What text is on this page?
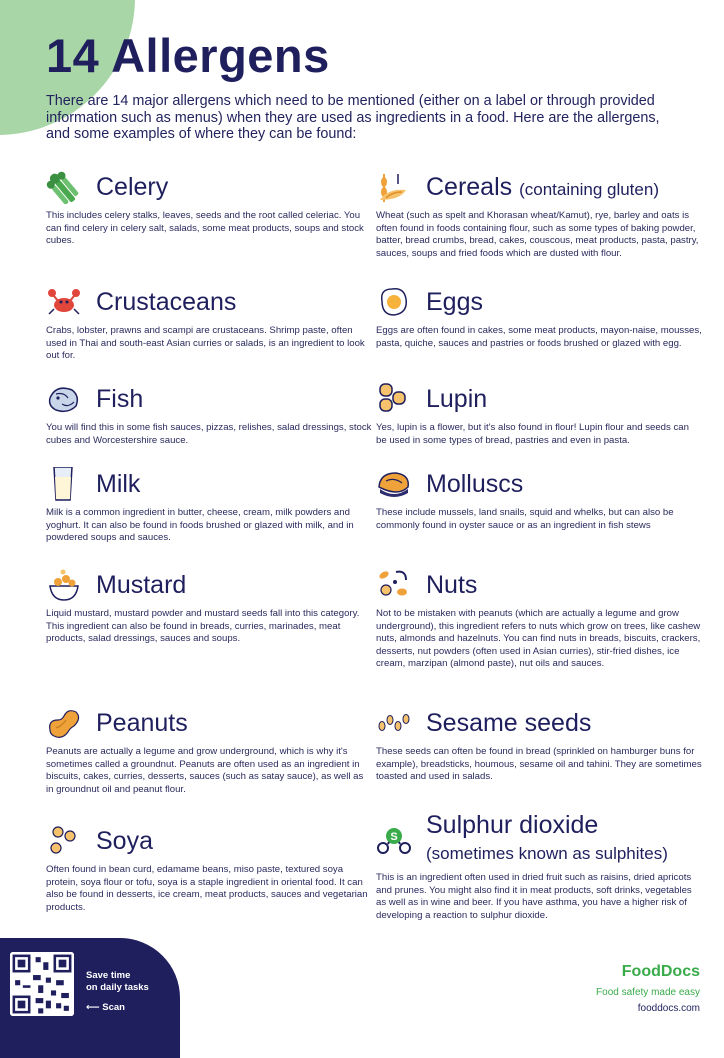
14 Allergens

There are 14 major allergens which need to be mentioned (either on a label or through provided information such as menus) when they are used as ingredients in a food. Here are the allergens, and some examples of where they can be found:

Celery

This includes celery stalks, leaves, seeds and the root called celeriac. You can find celery in celery salt, salads, some meat products, soups and stock cubes.

Cereals (containing gluten)

Wheat (such as spelt and Khorasan wheat/Kamut), rye, barley and oats is often found in foods containing flour, such as some types of baking powder, batter, bread crumbs, bread, cakes, couscous, meat products, pasta, pastry, sauces, soups and fried foods which are dusted with flour.

Crustaceans

Crabs, lobster, prawns and scampi are crustaceans. Shrimp paste, often used in Thai and south-east Asian curries or salads, is an ingredient to look out for.

Eggs

Eggs are often found in cakes, some meat products, mayon-naise, mousses, pasta, quiche, sauces and pastries or foods brushed or glazed with egg.

Fish

You will find this in some fish sauces, pizzas, relishes, salad dressings, stock cubes and Worcestershire sauce.

Lupin

Yes, lupin is a flower, but it's also found in flour! Lupin flour and seeds can be used in some types of bread, pastries and even in pasta.

Milk

Milk is a common ingredient in butter, cheese, cream, milk powders and yoghurt. It can also be found in foods brushed or glazed with milk, and in powdered soups and sauces.

Molluscs

These include mussels, land snails, squid and whelks, but can also be commonly found in oyster sauce or as an ingredient in fish stews

Mustard

Liquid mustard, mustard powder and mustard seeds fall into this category. This ingredient can also be found in breads, curries, marinades, meat products, salad dressings, sauces and soups.

Nuts

Not to be mistaken with peanuts (which are actually a legume and grow underground), this ingredient refers to nuts which grow on trees, like cashew nuts, almonds and hazelnuts. You can find nuts in breads, biscuits, crackers, desserts, nut powders (often used in Asian curries), stir-fried dishes, ice cream, marzipan (almond paste), nut oils and sauces.

Peanuts

Peanuts are actually a legume and grow underground, which is why it's sometimes called a groundnut. Peanuts are often used as an ingredient in biscuits, cakes, curries, desserts, sauces (such as satay sauce), as well as in groundnut oil and peanut flour.

Sesame seeds

These seeds can often be found in bread (sprinkled on hamburger buns for example), breadsticks, houmous, sesame oil and tahini. They are sometimes toasted and used in salads.

Soya

Often found in bean curd, edamame beans, miso paste, textured soya protein, soya flour or tofu, soya is a staple ingredient in oriental food. It can also be found in desserts, ice cream, meat products, sauces and vegetarian products.

S Sulphur dioxide
(sometimes known as sulphites)

This is an ingredient often used in dried fruit such as raisins, dried apricots and prunes. You might also find it in meat products, soft drinks, vegetables as well as in wine and beer. If you have asthma, you have a higher risk of developing a reaction to sulphur dioxide.

Save time
on daily tasks
⟵ Scan
FoodDocs
Food safety made easy
fooddocs.com
